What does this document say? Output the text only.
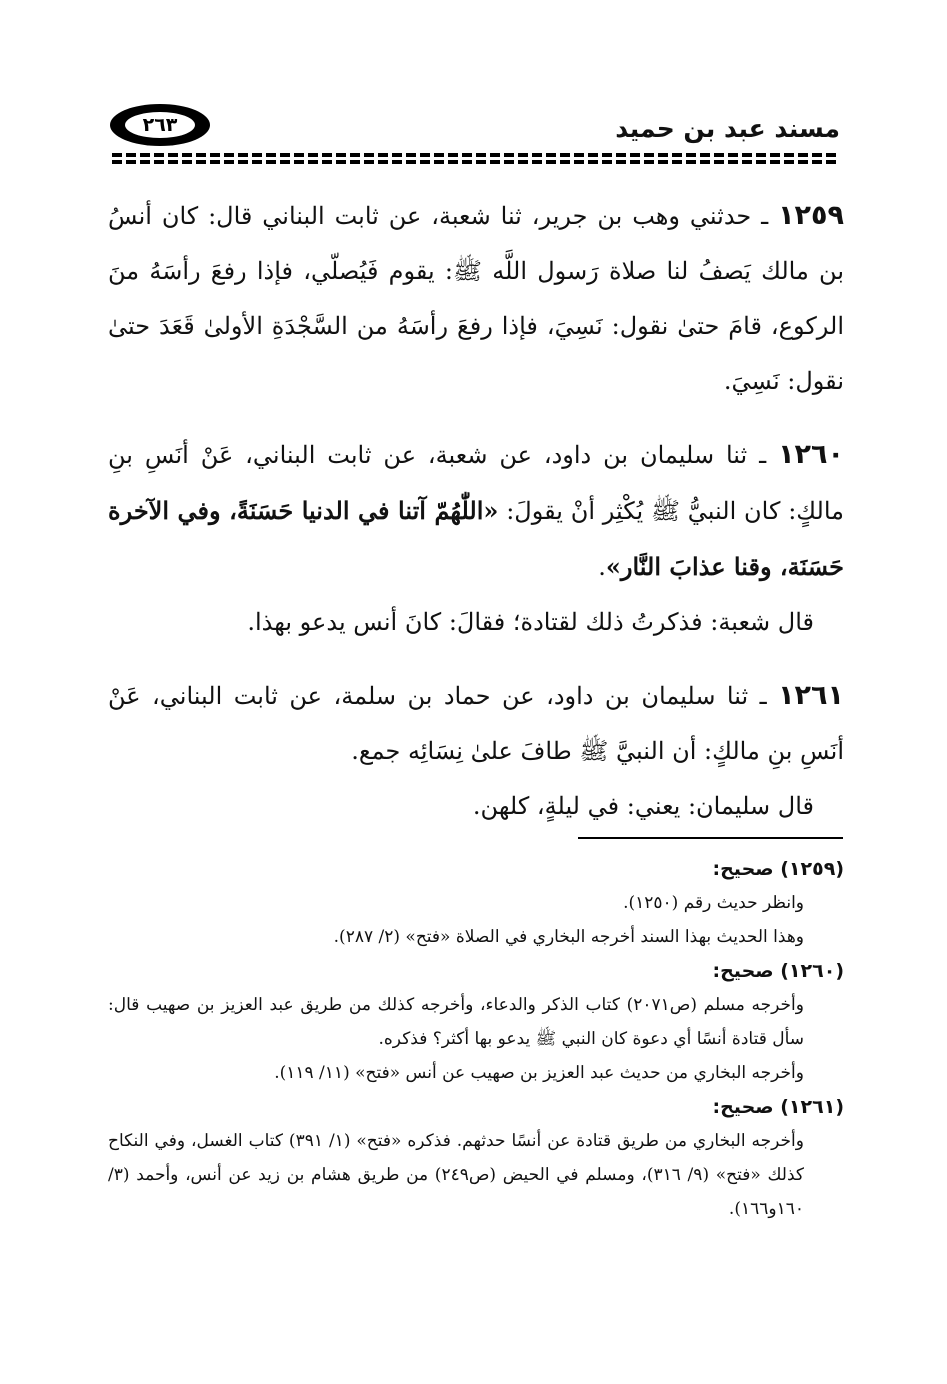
مسند عبد بن حميد
٢٦٣

١٢٥٩ ـ حدثني وهب بن جرير، ثنا شعبة، عن ثابت البناني قال: كان أنسُ بن مالك يَصفُ لنا صلاة رَسول اللَّه ﷺ: يقوم فَيُصلّي، فإذا رفعَ رأسَهُ منَ الركوع، قامَ حتىٰ نقول: نَسِيَ، فإذا رفعَ رأسَهُ من السَّجْدَةِ الأولىٰ قَعَدَ حتىٰ نقول: نَسِيَ.

١٢٦٠ ـ ثنا سليمان بن داود، عن شعبة، عن ثابت البناني، عَنْ أنَسِ بنِ مالكٍ: كان النبيُّ ﷺ يُكْثِر أنْ يقولَ: «اللّٰهُمّ آتنا في الدنيا حَسَنَةً، وفي الآخرة حَسَنَة، وقنا عذابَ النَّار».

قال شعبة: فذكرتُ ذلك لقتادة؛ فقالَ: كانَ أنس يدعو بهذا.

١٢٦١ ـ ثنا سليمان بن داود، عن حماد بن سلمة، عن ثابت البناني، عَنْ أنَسِ بنِ مالكٍ: أن النبيَّ ﷺ طافَ علىٰ نِسَائِه جمع.

قال سليمان: يعني: في ليلةٍ، كلهن.

(١٢٥٩) صحيح:

وانظر حديث رقم (١٢٥٠).

وهذا الحديث بهذا السند أخرجه البخاري في الصلاة «فتح» (٢/ ٢٨٧).

(١٢٦٠) صحيح:

وأخرجه مسلم (ص٢٠٧١) كتاب الذكر والدعاء، وأخرجه كذلك من طريق عبد العزيز بن صهيب قال: سأل قتادة أنسًا أي دعوة كان النبي ﷺ يدعو بها أكثر؟ فذكره.

وأخرجه البخاري من حديث عبد العزيز بن صهيب عن أنس «فتح» (١١/ ١١٩).

(١٢٦١) صحيح:

وأخرجه البخاري من طريق قتادة عن أنسًا حدثهم. فذكره «فتح» (١/ ٣٩١) كتاب الغسل، وفي النكاح كذلك «فتح» (٩/ ٣١٦)، ومسلم في الحيض (ص٢٤٩) من طريق هشام بن زيد عن أنس، وأحمد (٣/ ١٦٠و١٦٦).
